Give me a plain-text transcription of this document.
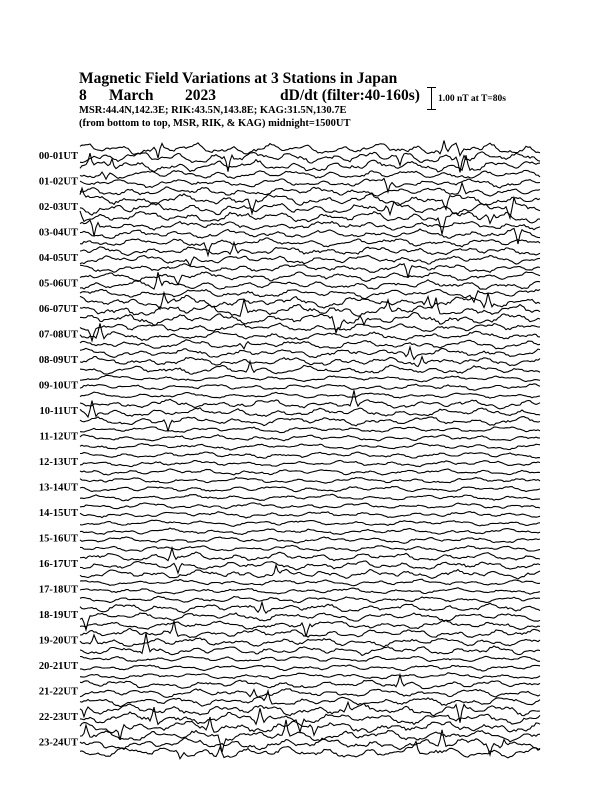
Magnetic Field Variations at 3 Stations in Japan
8 March 2023	dD/dt (filter:40-160s)
MSR:44.4N,142.3E; RIK:43.5N,143.8E; KAG:31.5N,130.7E
(from bottom to top, MSR, RIK, & KAG) midnight=1500UT
1.00 nT at T=80s
00-01UT
01-02UT
02-03UT
03-04UT
04-05UT
05-06UT
06-07UT
07-08UT
08-09UT
09-10UT
10-11UT
11-12UT
12-13UT
13-14UT
14-15UT
15-16UT
16-17UT
17-18UT
18-19UT
19-20UT
20-21UT
21-22UT
22-23UT
23-24UT
